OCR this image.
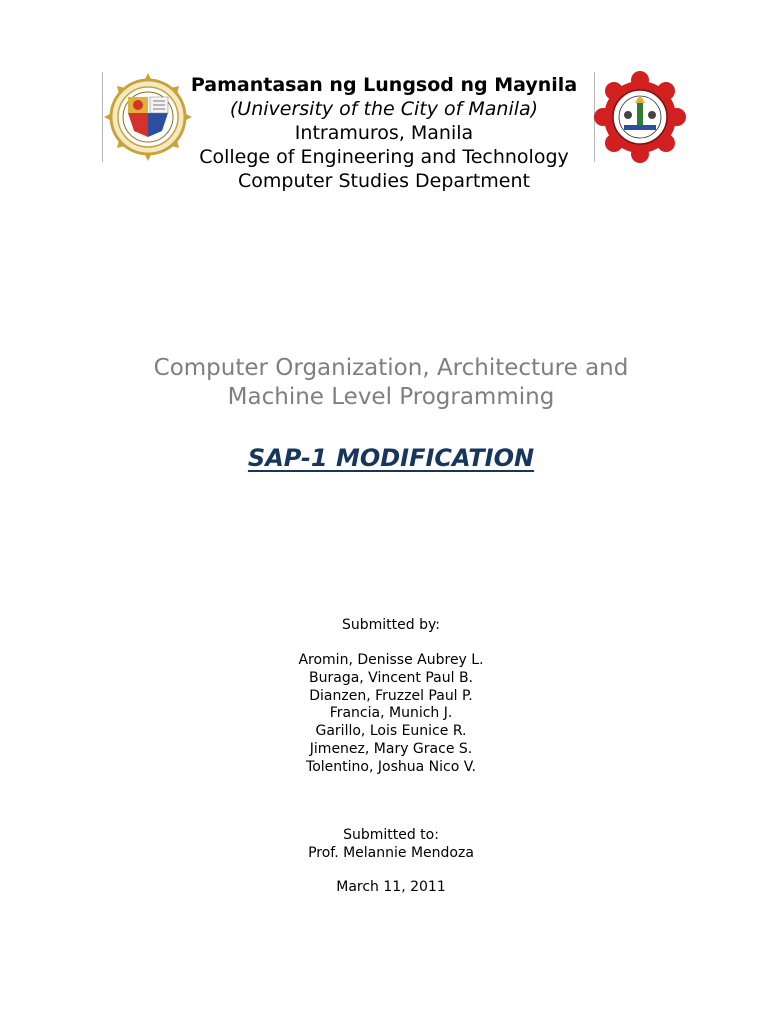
Pamantasan ng Lungsod ng Maynila
(University of the City of Manila)
Intramuros, Manila
College of Engineering and Technology
Computer Studies Department
Computer Organization, Architecture and
Machine Level Programming
SAP-1 MODIFICATION
Submitted by:
Aromin, Denisse Aubrey L.
Buraga, Vincent Paul B.
Dianzen, Fruzzel Paul P.
Francia, Munich J.
Garillo, Lois Eunice R.
Jimenez, Mary Grace S.
Tolentino, Joshua Nico V.
Submitted to:
Prof. Melannie Mendoza
March 11, 2011
